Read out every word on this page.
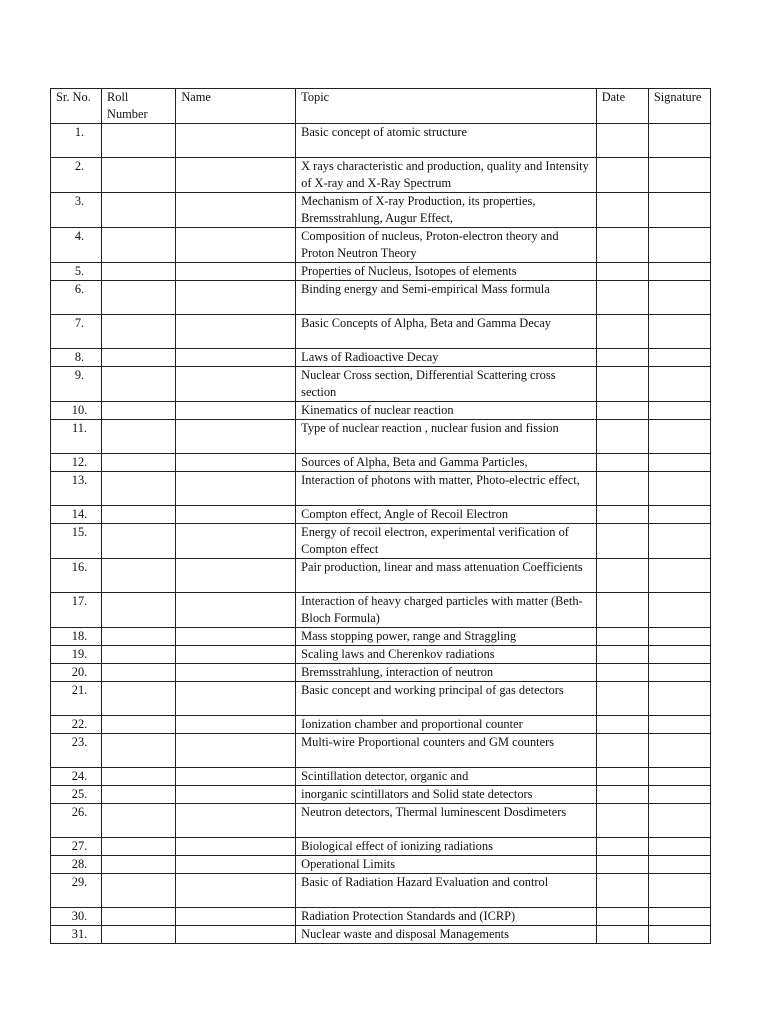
Sr. No.	Roll Number	Name	Topic	Date	Signature
1.			Basic concept of atomic structure		
2.			X rays characteristic and production, quality and Intensity of X-ray and X-Ray Spectrum		
3.			Mechanism of X-ray Production, its properties, Bremsstrahlung, Augur Effect,		
4.			Composition of nucleus, Proton-electron theory and Proton Neutron Theory		
5.			Properties of Nucleus, Isotopes of elements		
6.			Binding energy and Semi-empirical Mass formula		
7.			Basic Concepts of Alpha, Beta and Gamma Decay		
8.			Laws of Radioactive Decay		
9.			Nuclear Cross section, Differential Scattering cross section		
10.			Kinematics of nuclear reaction		
11.			Type of nuclear reaction , nuclear fusion and fission		
12.			Sources of Alpha, Beta and Gamma Particles,		
13.			Interaction of photons with matter, Photo-electric effect,		
14.			Compton effect, Angle of Recoil Electron		
15.			Energy of recoil electron, experimental verification of Compton effect		
16.			Pair production, linear and mass attenuation Coefficients		
17.			Interaction of heavy charged particles with matter (Beth-Bloch Formula)		
18.			Mass stopping power, range and Straggling		
19.			Scaling laws and Cherenkov radiations		
20.			Bremsstrahlung, interaction of neutron		
21.			Basic concept and working principal of gas detectors		
22.			Ionization chamber and proportional counter		
23.			Multi-wire Proportional counters and GM counters		
24.			Scintillation detector, organic and		
25.			inorganic scintillators and Solid state detectors		
26.			Neutron detectors, Thermal luminescent Dosdimeters		
27.			Biological effect of ionizing radiations		
28.			Operational Limits		
29.			Basic of Radiation Hazard Evaluation and control		
30.			Radiation Protection Standards and (ICRP)		
31.			Nuclear waste and disposal Managements		
